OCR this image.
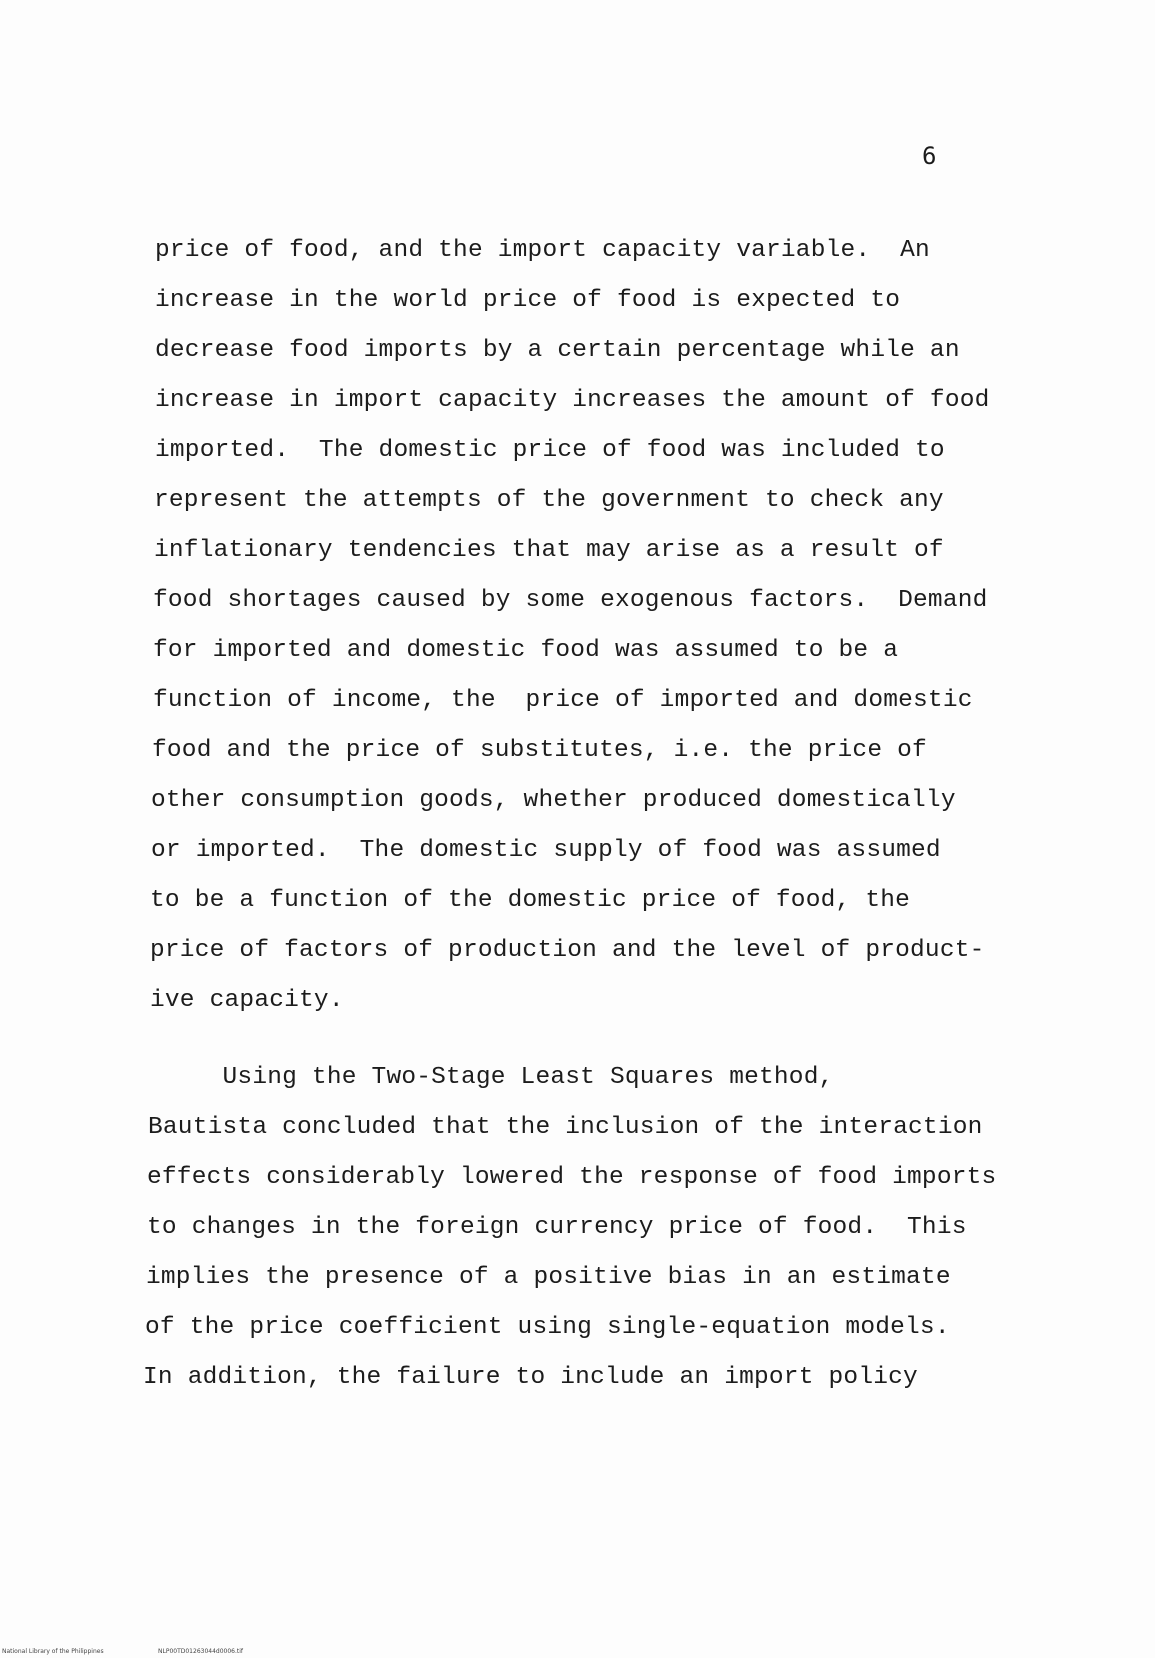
6
price of food, and the import capacity variable.  An
increase in the world price of food is expected to
decrease food imports by a certain percentage while an
increase in import capacity increases the amount of food
imported.  The domestic price of food was included to
represent the attempts of the government to check any
inflationary tendencies that may arise as a result of
food shortages caused by some exogenous factors.  Demand
for imported and domestic food was assumed to be a
function of income, the  price of imported and domestic
food and the price of substitutes, i.e. the price of
other consumption goods, whether produced domestically
or imported.  The domestic supply of food was assumed
to be a function of the domestic price of food, the
price of factors of production and the level of product-
ive capacity.
Using the Two-Stage Least Squares method,
Bautista concluded that the inclusion of the interaction
effects considerably lowered the response of food imports
to changes in the foreign currency price of food.  This
implies the presence of a positive bias in an estimate
of the price coefficient using single-equation models.
In addition, the failure to include an import policy
National Library of the Philippines	NLP00TD01263044d0006.tif
